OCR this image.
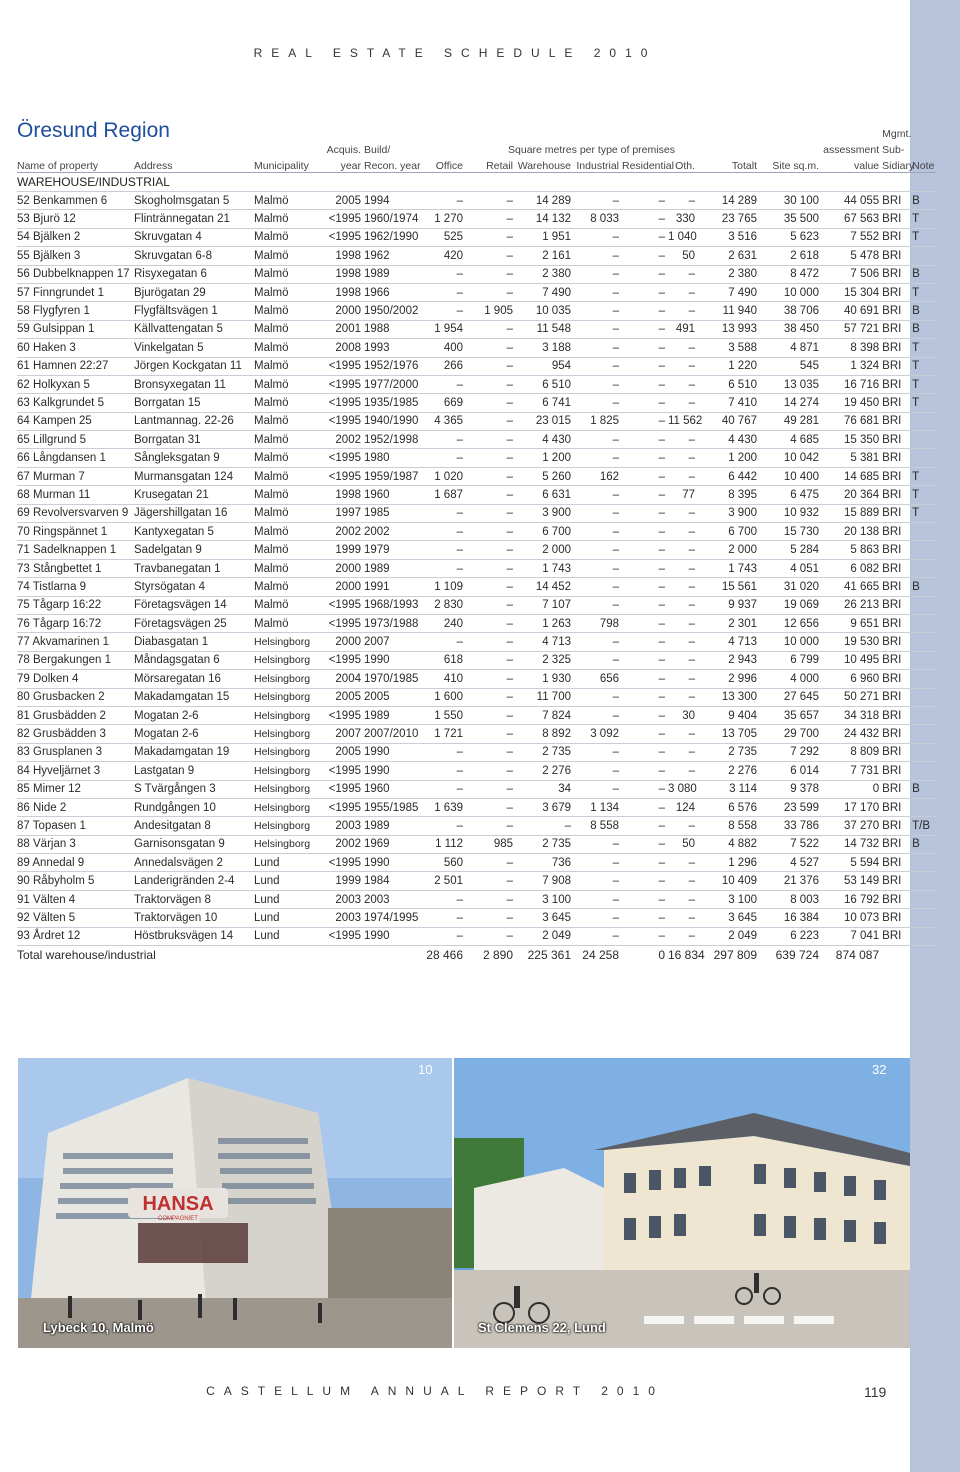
REAL ESTATE SCHEDULE 2010
Öresund Region
														Mgmt.	
			Acquis.	Build/	Square metres per type of premises								assessment	Sub-	
Name of property	Address	Municipality	year	Recon. year	Office	Retail	Warehouse	Industrial	Residential	Oth.	Totalt	Site sq.m.	value	Sidiary	Note
WAREHOUSE/INDUSTRIAL															
52 Benkammen 6	Skogholmsgatan 5	Malmö	2005	1994	–	–	14 289	–	–	–	14 289	30 100	44 055	BRI	B
53 Bjurö 12	Flintrännegatan 21	Malmö	<1995	1960/1974	1 270	–	14 132	8 033	–	330	23 765	35 500	67 563	BRI	T
54 Bjälken 2	Skruvgatan 4	Malmö	<1995	1962/1990	525	–	1 951	–	–	1 040	3 516	5 623	7 552	BRI	T
55 Bjälken 3	Skruvgatan 6-8	Malmö	1998	1962	420	–	2 161	–	–	50	2 631	2 618	5 478	BRI	
56 Dubbelknappen 17	Risyxegatan 6	Malmö	1998	1989	–	–	2 380	–	–	–	2 380	8 472	7 506	BRI	B
57 Finngrundet 1	Bjurögatan 29	Malmö	1998	1966	–	–	7 490	–	–	–	7 490	10 000	15 304	BRI	T
58 Flygfyren 1	Flygfältsvägen 1	Malmö	2000	1950/2002	–	1 905	10 035	–	–	–	11 940	38 706	40 691	BRI	B
59 Gulsippan 1	Källvattengatan 5	Malmö	2001	1988	1 954	–	11 548	–	–	491	13 993	38 450	57 721	BRI	B
60 Haken 3	Vinkelgatan 5	Malmö	2008	1993	400	–	3 188	–	–	–	3 588	4 871	8 398	BRI	T
61 Hamnen 22:27	Jörgen Kockgatan 11	Malmö	<1995	1952/1976	266	–	954	–	–	–	1 220	545	1 324	BRI	T
62 Holkyxan 5	Bronsyxegatan 11	Malmö	<1995	1977/2000	–	–	6 510	–	–	–	6 510	13 035	16 716	BRI	T
63 Kalkgrundet 5	Borrgatan 15	Malmö	<1995	1935/1985	669	–	6 741	–	–	–	7 410	14 274	19 450	BRI	T
64 Kampen 25	Lantmannag. 22-26	Malmö	<1995	1940/1990	4 365	–	23 015	1 825	–	11 562	40 767	49 281	76 681	BRI	
65 Lillgrund 5	Borrgatan 31	Malmö	2002	1952/1998	–	–	4 430	–	–	–	4 430	4 685	15 350	BRI	
66 Långdansen 1	Sångleksgatan 9	Malmö	<1995	1980	–	–	1 200	–	–	–	1 200	10 042	5 381	BRI	
67 Murman 7	Murmansgatan 124	Malmö	<1995	1959/1987	1 020	–	5 260	162	–	–	6 442	10 400	14 685	BRI	T
68 Murman 11	Krusegatan 21	Malmö	1998	1960	1 687	–	6 631	–	–	77	8 395	6 475	20 364	BRI	T
69 Revolversvarven 9	Jägershillgatan 16	Malmö	1997	1985	–	–	3 900	–	–	–	3 900	10 932	15 889	BRI	T
70 Ringspännet 1	Kantyxegatan 5	Malmö	2002	2002	–	–	6 700	–	–	–	6 700	15 730	20 138	BRI	
71 Sadelknappen 1	Sadelgatan 9	Malmö	1999	1979	–	–	2 000	–	–	–	2 000	5 284	5 863	BRI	
73 Stångbettet 1	Travbanegatan 1	Malmö	2000	1989	–	–	1 743	–	–	–	1 743	4 051	6 082	BRI	
74 Tistlarna 9	Styrsögatan 4	Malmö	2000	1991	1 109	–	14 452	–	–	–	15 561	31 020	41 665	BRI	B
75 Tågarp 16:22	Företagsvägen 14	Malmö	<1995	1968/1993	2 830	–	7 107	–	–	–	9 937	19 069	26 213	BRI	
76 Tågarp 16:72	Företagsvägen 25	Malmö	<1995	1973/1988	240	–	1 263	798	–	–	2 301	12 656	9 651	BRI	
77 Akvamarinen 1	Diabasgatan 1	Helsingborg	2000	2007	–	–	4 713	–	–	–	4 713	10 000	19 530	BRI	
78 Bergakungen 1	Måndagsgatan 6	Helsingborg	<1995	1990	618	–	2 325	–	–	–	2 943	6 799	10 495	BRI	
79 Dolken 4	Mörsaregatan 16	Helsingborg	2004	1970/1985	410	–	1 930	656	–	–	2 996	4 000	6 960	BRI	
80 Grusbacken 2	Makadamgatan 15	Helsingborg	2005	2005	1 600	–	11 700	–	–	–	13 300	27 645	50 271	BRI	
81 Grusbädden 2	Mogatan 2-6	Helsingborg	<1995	1989	1 550	–	7 824	–	–	30	9 404	35 657	34 318	BRI	
82 Grusbädden 3	Mogatan 2-6	Helsingborg	2007	2007/2010	1 721	–	8 892	3 092	–	–	13 705	29 700	24 432	BRI	
83 Grusplanen 3	Makadamgatan 19	Helsingborg	2005	1990	–	–	2 735	–	–	–	2 735	7 292	8 809	BRI	
84 Hyveljärnet 3	Lastgatan 9	Helsingborg	<1995	1990	–	–	2 276	–	–	–	2 276	6 014	7 731	BRI	
85 Mimer 12	S Tvärgången 3	Helsingborg	<1995	1960	–	–	34	–	–	3 080	3 114	9 378	0	BRI	B
86 Nide 2	Rundgången 10	Helsingborg	<1995	1955/1985	1 639	–	3 679	1 134	–	124	6 576	23 599	17 170	BRI	
87 Topasen 1	Andesitgatan 8	Helsingborg	2003	1989	–	–	–	8 558	–	–	8 558	33 786	37 270	BRI	T/B
88 Värjan 3	Garnisonsgatan 9	Helsingborg	2002	1969	1 112	985	2 735	–	–	50	4 882	7 522	14 732	BRI	B
89 Annedal 9	Annedalsvägen 2	Lund	<1995	1990	560	–	736	–	–	–	1 296	4 527	5 594	BRI	
90 Råbyholm 5	Landerigränden 2-4	Lund	1999	1984	2 501	–	7 908	–	–	–	10 409	21 376	53 149	BRI	
91 Välten 4	Traktorvägen 8	Lund	2003	2003	–	–	3 100	–	–	–	3 100	8 003	16 792	BRI	
92 Välten 5	Traktorvägen 10	Lund	2003	1974/1995	–	–	3 645	–	–	–	3 645	16 384	10 073	BRI	
93 Årdret 12	Höstbruksvägen 14	Lund	<1995	1990	–	–	2 049	–	–	–	2 049	6 223	7 041	BRI	
Total warehouse/industrial					28 466	2 890	225 361	24 258	0	16 834	297 809	639 724	874 087		
HANSA
COMPAGNIET
10
Lybeck 10, Malmö
32
St Clemens 22, Lund
CASTELLUM ANNUAL REPORT 2010	119
